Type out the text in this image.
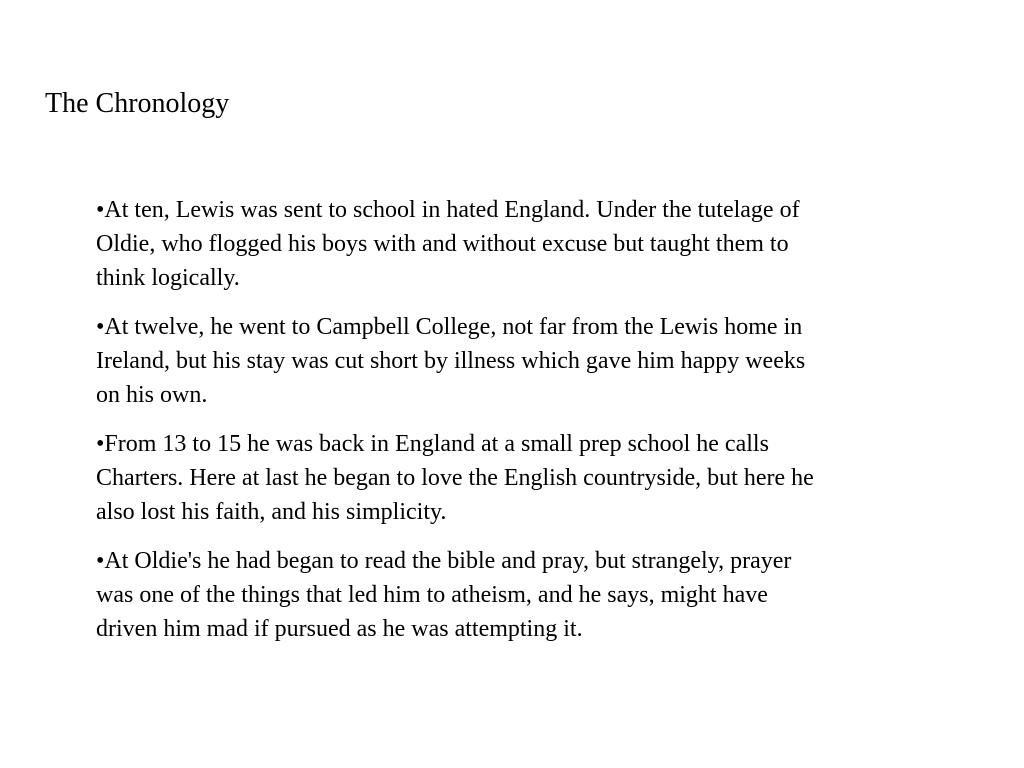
The Chronology
•At ten, Lewis was sent to school in hated England. Under the tutelage of
Oldie, who flogged his boys with and without excuse but taught them to
think logically.
•At twelve, he went to Campbell College, not far from the Lewis home in
Ireland, but his stay was cut short by illness which gave him happy weeks
on his own.
•From 13 to 15 he was back in England at a small prep school he calls
Charters. Here at last he began to love the English countryside, but here he
also lost his faith, and his simplicity.
•At Oldie's he had began to read the bible and pray, but strangely, prayer
was one of the things that led him to atheism, and he says, might have
driven him mad if pursued as he was attempting it.
